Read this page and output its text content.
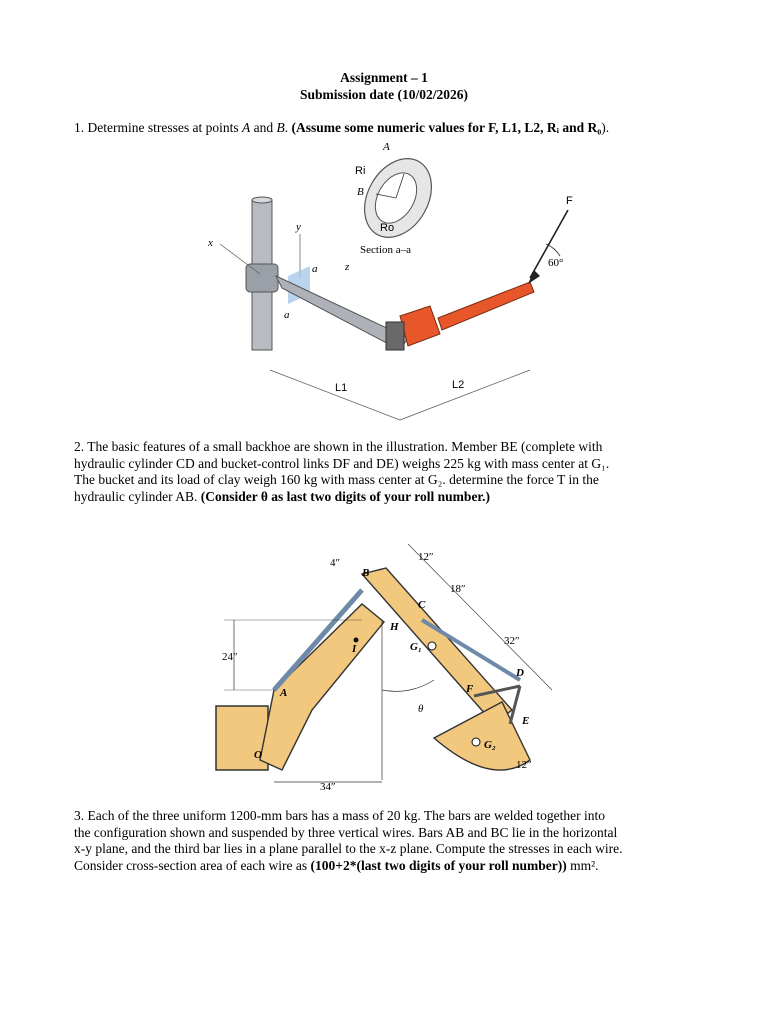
Assignment – 1
Submission date (10/02/2026)
1. Determine stresses at points A and B. (Assume some numeric values for F, L1, L2, Rᵢ and R₀).
A
Ri
B
Ro
Section a–a
x
y
z
a
a
F
60°
L1	L2
2. The basic features of a small backhoe are shown in the illustration. Member BE (complete with
hydraulic cylinder CD and bucket-control links DF and DE) weighs 225 kg with mass center at G₁.
The bucket and its load of clay weigh 160 kg with mass center at G₂. determine the force T in the
hydraulic cylinder AB. (Consider θ as last two digits of your roll number.)
24″
34″
4″	12″
18″
32″
12″
B
C
H
I	G₁
A
O
D
F
E
G₂
θ
3. Each of the three uniform 1200-mm bars has a mass of 20 kg. The bars are welded together into
the configuration shown and suspended by three vertical wires. Bars AB and BC lie in the horizontal
x-y plane, and the third bar lies in a plane parallel to the x-z plane. Compute the stresses in each wire.
Consider cross-section area of each wire as (100+2*(last two digits of your roll number)) mm².
